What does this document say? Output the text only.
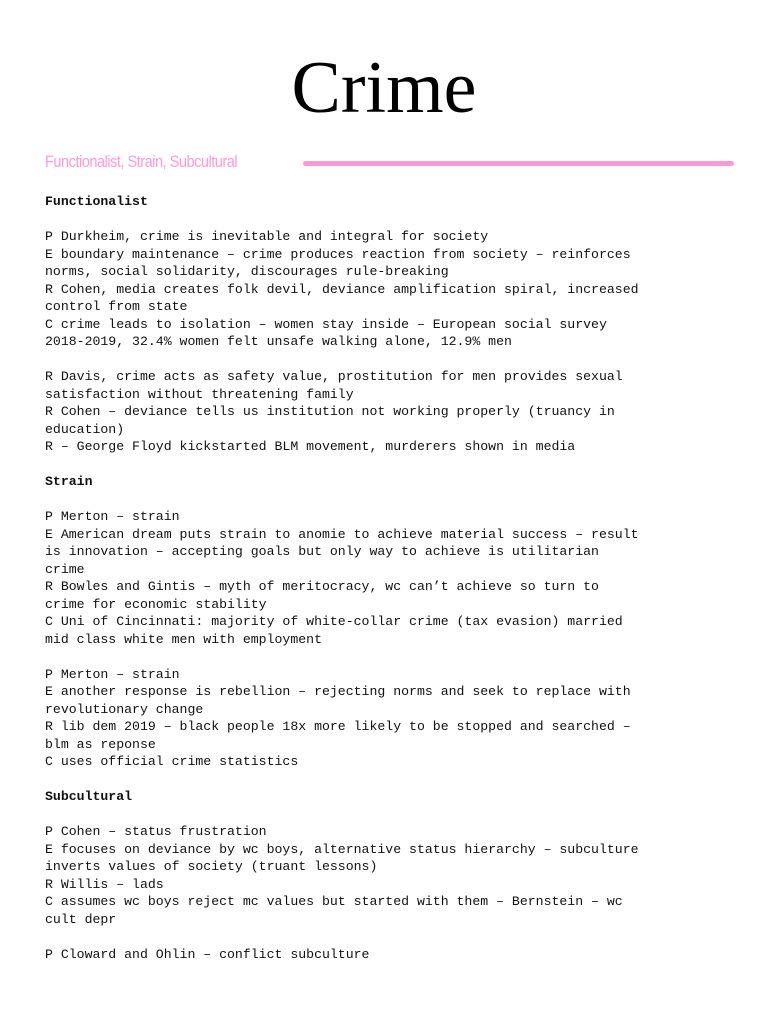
Crime
Functionalist, Strain, Subcultural
Functionalist
P Durkheim, crime is inevitable and integral for society
E boundary maintenance – crime produces reaction from society – reinforces
norms, social solidarity, discourages rule-breaking
R Cohen, media creates folk devil, deviance amplification spiral, increased
control from state
C crime leads to isolation – women stay inside – European social survey
2018-2019, 32.4% women felt unsafe walking alone, 12.9% men
R Davis, crime acts as safety value, prostitution for men provides sexual
satisfaction without threatening family
R Cohen – deviance tells us institution not working properly (truancy in
education)
R – George Floyd kickstarted BLM movement, murderers shown in media
Strain
P Merton – strain
E American dream puts strain to anomie to achieve material success – result
is innovation – accepting goals but only way to achieve is utilitarian
crime
R Bowles and Gintis – myth of meritocracy, wc can’t achieve so turn to
crime for economic stability
C Uni of Cincinnati: majority of white-collar crime (tax evasion) married
mid class white men with employment
P Merton – strain
E another response is rebellion – rejecting norms and seek to replace with
revolutionary change
R lib dem 2019 – black people 18x more likely to be stopped and searched –
blm as reponse
C uses official crime statistics
Subcultural
P Cohen – status frustration
E focuses on deviance by wc boys, alternative status hierarchy – subculture
inverts values of society (truant lessons)
R Willis – lads
C assumes wc boys reject mc values but started with them – Bernstein – wc
cult depr
P Cloward and Ohlin – conflict subculture
